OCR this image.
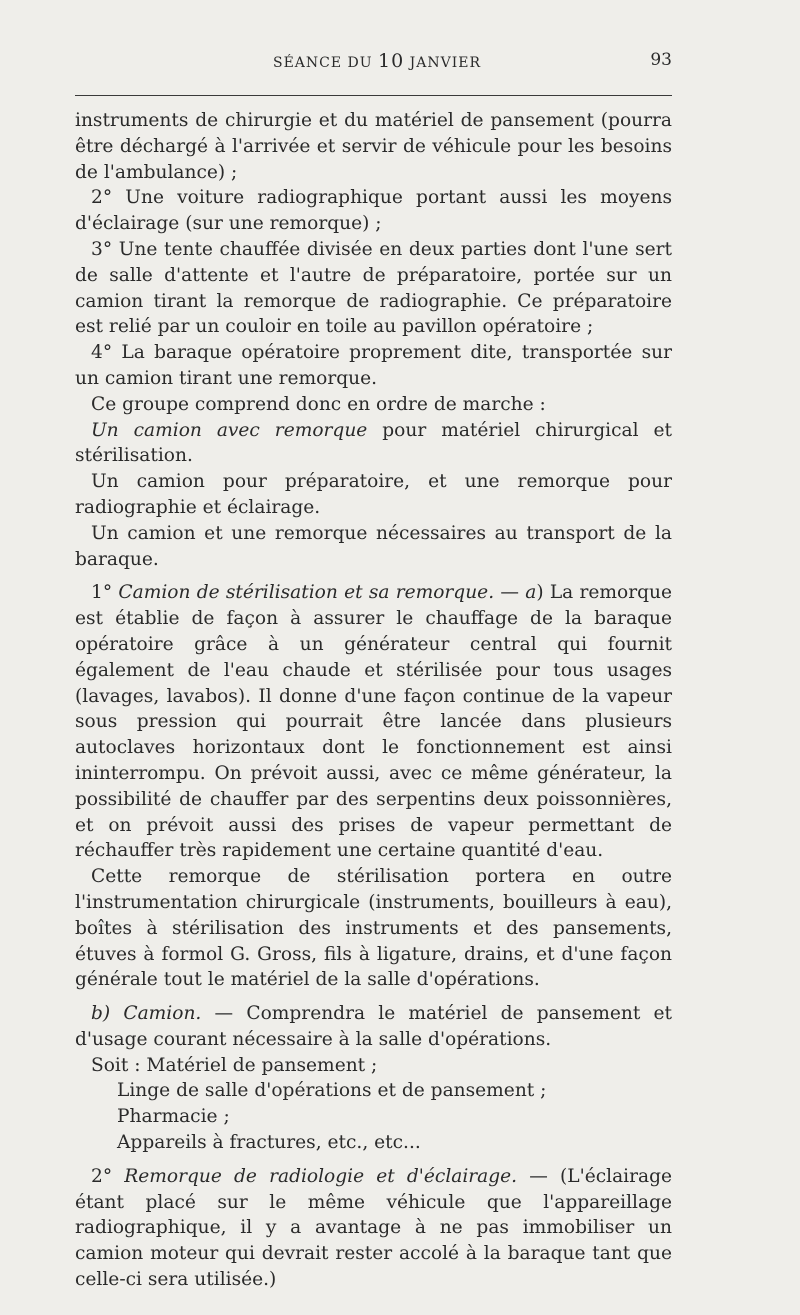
SÉANCE DU 10 JANVIER	93

instruments de chirurgie et du matériel de pansement (pourra être déchargé à l'arrivée et servir de véhicule pour les besoins de l'ambulance) ;

2° Une voiture radiographique portant aussi les moyens d'éclairage (sur une remorque) ;

3° Une tente chauffée divisée en deux parties dont l'une sert de salle d'attente et l'autre de préparatoire, portée sur un camion tirant la remorque de radiographie. Ce préparatoire est relié par un couloir en toile au pavillon opératoire ;

4° La baraque opératoire proprement dite, transportée sur un camion tirant une remorque.

Ce groupe comprend donc en ordre de marche :

Un camion avec remorque pour matériel chirurgical et stérilisation.

Un camion pour préparatoire, et une remorque pour radiographie et éclairage.

Un camion et une remorque nécessaires au transport de la baraque.

1° Camion de stérilisation et sa remorque. — a) La remorque est établie de façon à assurer le chauffage de la baraque opératoire grâce à un générateur central qui fournit également de l'eau chaude et stérilisée pour tous usages (lavages, lavabos). Il donne d'une façon continue de la vapeur sous pression qui pourrait être lancée dans plusieurs autoclaves horizontaux dont le fonctionnement est ainsi ininterrompu. On prévoit aussi, avec ce même générateur, la possibilité de chauffer par des serpentins deux poissonnières, et on prévoit aussi des prises de vapeur permettant de réchauffer très rapidement une certaine quantité d'eau.

Cette remorque de stérilisation portera en outre l'instrumentation chirurgicale (instruments, bouilleurs à eau), boîtes à stérilisation des instruments et des pansements, étuves à formol G. Gross, fils à ligature, drains, et d'une façon générale tout le matériel de la salle d'opérations.

b) Camion. — Comprendra le matériel de pansement et d'usage courant nécessaire à la salle d'opérations.

Soit : Matériel de pansement ;

Linge de salle d'opérations et de pansement ;

Pharmacie ;

Appareils à fractures, etc., etc...

2° Remorque de radiologie et d'éclairage. — (L'éclairage étant placé sur le même véhicule que l'appareillage radiographique, il y a avantage à ne pas immobiliser un camion moteur qui devrait rester accolé à la baraque tant que celle-ci sera utilisée.)
